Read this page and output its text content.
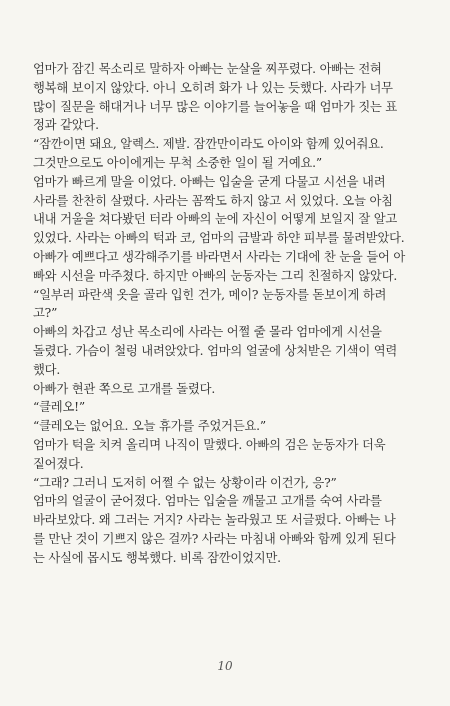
엄마가 잠긴 목소리로 말하자 아빠는 눈살을 찌푸렸다. 아빠는 전혀
행복해 보이지 않았다. 아니 오히려 화가 나 있는 듯했다. 사라가 너무
많이 질문을 해대거나 너무 많은 이야기를 늘어놓을 때 엄마가 짓는 표
정과 같았다.

“잠깐이면 돼요, 알렉스. 제발. 잠깐만이라도 아이와 함께 있어줘요.
그것만으로도 아이에게는 무척 소중한 일이 될 거예요.”

엄마가 빠르게 말을 이었다. 아빠는 입술을 굳게 다물고 시선을 내려
사라를 찬찬히 살폈다. 사라는 꼼짝도 하지 않고 서 있었다. 오늘 아침
내내 거울을 쳐다봤던 터라 아빠의 눈에 자신이 어떻게 보일지 잘 알고
있었다. 사라는 아빠의 턱과 코, 엄마의 금발과 하얀 피부를 물려받았다.
아빠가 예쁘다고 생각해주기를 바라면서 사라는 기대에 찬 눈을 들어 아
빠와 시선을 마주쳤다. 하지만 아빠의 눈동자는 그리 친절하지 않았다.

“일부러 파란색 옷을 골라 입힌 건가, 메이? 눈동자를 돋보이게 하려
고?”

아빠의 차갑고 성난 목소리에 사라는 어쩔 줄 몰라 엄마에게 시선을
돌렸다. 가슴이 철렁 내려앉았다. 엄마의 얼굴에 상처받은 기색이 역력
했다.

아빠가 현관 쪽으로 고개를 돌렸다.

“클레오!”

“클레오는 없어요. 오늘 휴가를 주었거든요.”

엄마가 턱을 치켜 올리며 나직이 말했다. 아빠의 검은 눈동자가 더욱
짙어졌다.

“그래? 그러니 도저히 어쩔 수 없는 상황이라 이건가, 응?”

엄마의 얼굴이 굳어졌다. 엄마는 입술을 깨물고 고개를 숙여 사라를
바라보았다. 왜 그러는 거지? 사라는 놀라웠고 또 서글펐다. 아빠는 나
를 만난 것이 기쁘지 않은 걸까? 사라는 마침내 아빠와 함께 있게 된다
는 사실에 몹시도 행복했다. 비록 잠깐이었지만.

10
